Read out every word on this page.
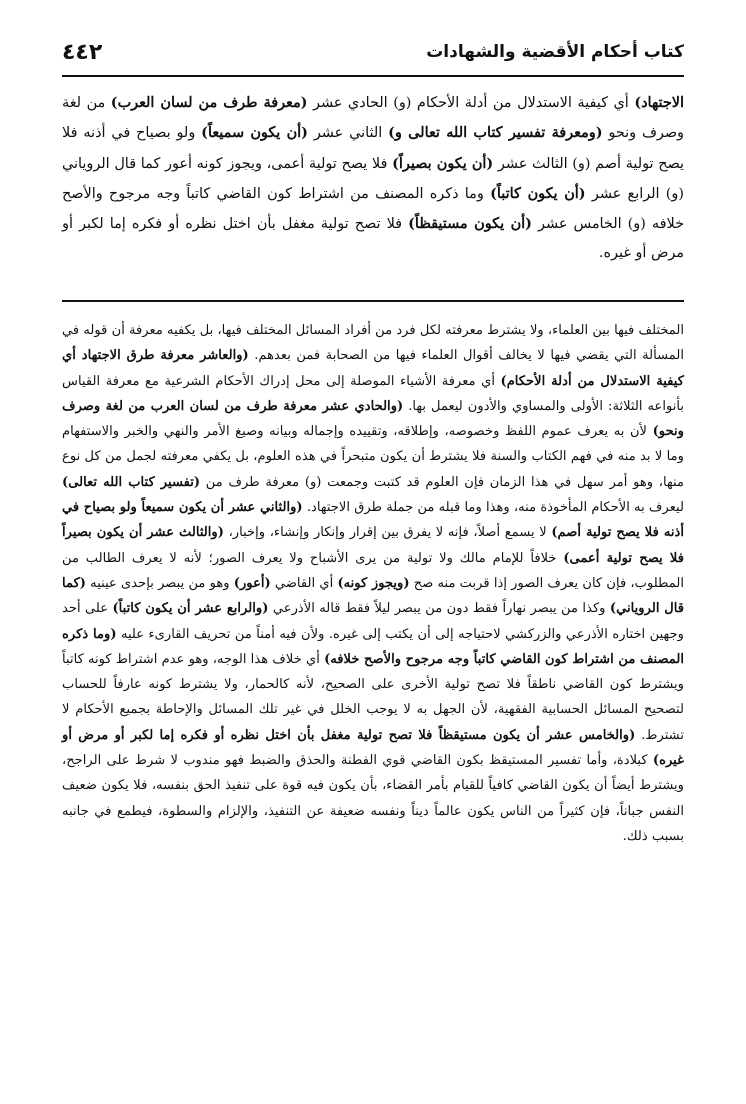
٤٤٢	كتاب أحكام الأقضية والشهادات

الاجتهاد) أي كيفية الاستدلال من أدلة الأحكام (و) الحادي عشر (معرفة طرف من لسان العرب) من لغة وصرف ونحو (ومعرفة تفسير كتاب الله تعالى و) الثاني عشر (أن يكون سميعاً) ولو بصياح في أذنه فلا يصح تولية أصم (و) الثالث عشر (أن يكون بصيراً) فلا يصح تولية أعمى، ويجوز كونه أعور كما قال الروياني (و) الرابع عشر (أن يكون كاتباً) وما ذكره المصنف من اشتراط كون القاضي كاتباً وجه مرجوح والأصح خلافه (و) الخامس عشر (أن يكون مستيقظاً) فلا تصح تولية مغفل بأن اختل نظره أو فكره إما لكبر أو مرض أو غيره.

المختلف فيها بين العلماء، ولا يشترط معرفته لكل فرد من أفراد المسائل المختلف فيها، بل يكفيه معرفة أن قوله في المسألة التي يقضي فيها لا يخالف أقوال العلماء فيها من الصحابة فمن بعدهم. (والعاشر معرفة طرق الاجتهاد أي كيفية الاستدلال من أدلة الأحكام) أي معرفة الأشياء الموصلة إلى محل إدراك الأحكام الشرعية مع معرفة القياس بأنواعه الثلاثة: الأولى والمساوي والأدون ليعمل بها. (والحادي عشر معرفة طرف من لسان العرب من لغة وصرف ونحو) لأن به يعرف عموم اللفظ وخصوصه، وإطلاقه، وتقييده وإجماله وبيانه وصيغ الأمر والنهي والخبر والاستفهام وما لا بد منه في فهم الكتاب والسنة فلا يشترط أن يكون متبحراً في هذه العلوم، بل يكفي معرفته لجمل من كل نوع منها، وهو أمر سهل في هذا الزمان فإن العلوم قد كتبت وجمعت (و) معرفة طرف من (تفسير كتاب الله تعالى) ليعرف به الأحكام المأخوذة منه، وهذا وما قبله من جملة طرق الاجتهاد. (والثاني عشر أن يكون سميعاً ولو بصياح في أذنه فلا يصح تولية أصم) لا يسمع أصلاً، فإنه لا يفرق بين إقرار وإنكار وإنشاء، وإخبار، (والثالث عشر أن يكون بصيراً فلا يصح تولية أعمى) خلافاً للإمام مالك ولا تولية من يرى الأشباح ولا يعرف الصور؛ لأنه لا يعرف الطالب من المطلوب، فإن كان يعرف الصور إذا قربت منه صح (ويجوز كونه) أي القاضي (أعور) وهو من يبصر بإحدى عينيه (كما قال الروياني) وكذا من يبصر نهاراً فقط دون من يبصر ليلاً فقط قاله الأذرعي (والرابع عشر أن يكون كاتباً) على أحد وجهين اختاره الأذرعي والزركشي لاحتياجه إلى أن يكتب إلى غيره. ولأن فيه أمناً من تحريف القارىء عليه (وما ذكره المصنف من اشتراط كون القاضي كاتباً وجه مرجوح والأصح خلافه) أي خلاف هذا الوجه، وهو عدم اشتراط كونه كاتباً ويشترط كون القاضي ناطقاً فلا تصح تولية الأخرى على الصحيح، لأنه كالحمار، ولا يشترط كونه عارفاً للحساب لتصحيح المسائل الحسابية الفقهية، لأن الجهل به لا يوجب الخلل في غير تلك المسائل والإحاطة بجميع الأحكام لا تشترط. (والخامس عشر أن يكون مستيقظاً فلا تصح تولية مغفل بأن اختل نظره أو فكره إما لكبر أو مرض أو غيره) كبلادة، وأما تفسير المستيقظ بكون القاضي قوي الفطنة والحذق والضبط فهو مندوب لا شرط على الراجح، ويشترط أيضاً أن يكون القاضي كافياً للقيام بأمر القضاء، بأن يكون فيه قوة على تنفيذ الحق بنفسه، فلا يكون ضعيف النفس جباناً، فإن كثيراً من الناس يكون عالماً ديناً ونفسه ضعيفة عن التنفيذ، والإلزام والسطوة، فيطمع في جانبه بسبب ذلك.
